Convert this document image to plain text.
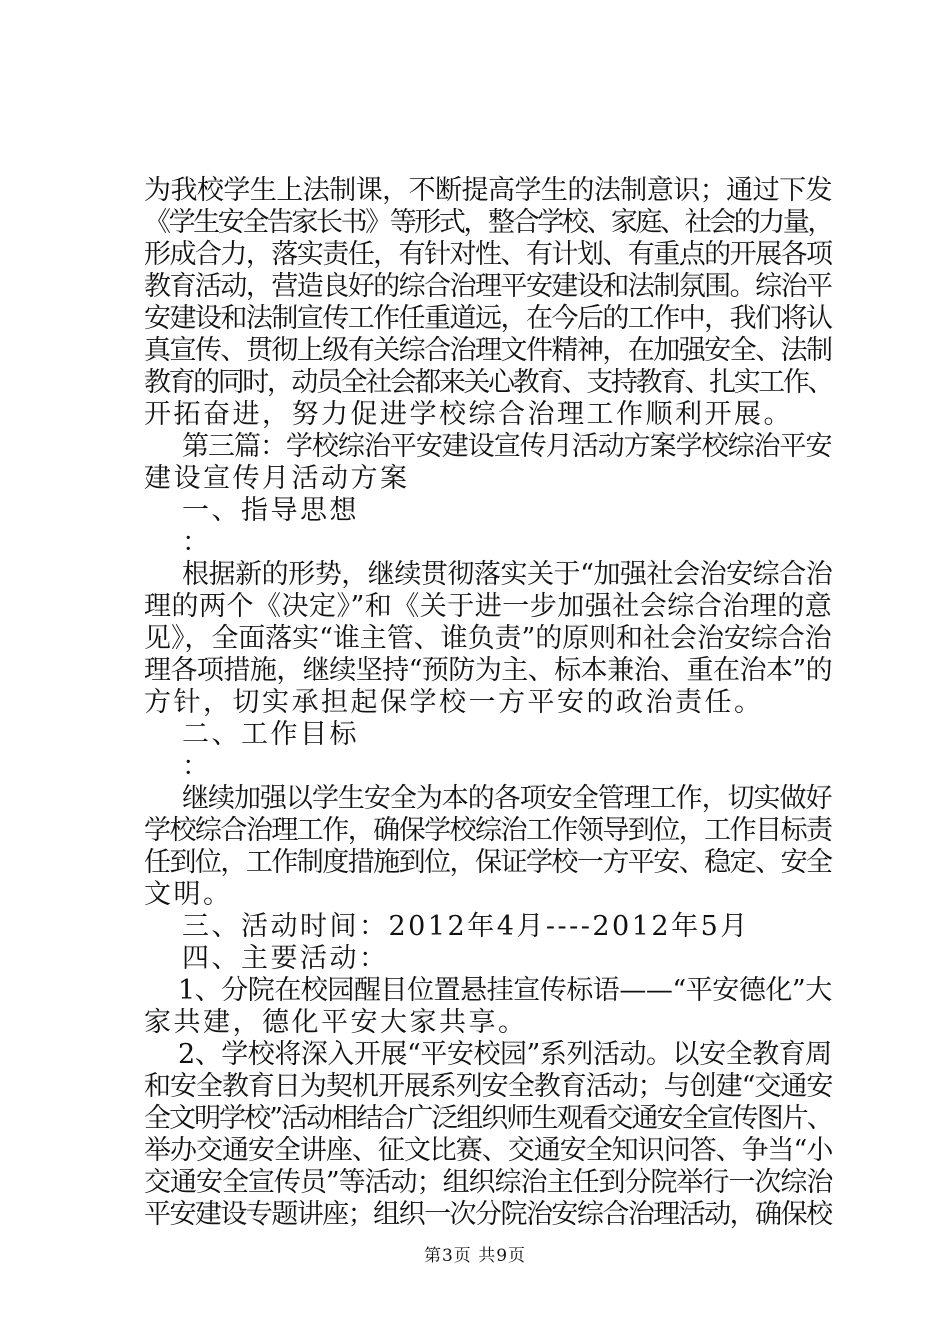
为我校学生上法制课，不断提高学生的法制意识；通过下发
《学生安全告家长书》等形式，整合学校、家庭、社会的力量，
形成合力，落实责任，有针对性、有计划、有重点的开展各项
教育活动，营造良好的综合治理平安建设和法制氛围。综治平
安建设和法制宣传工作任重道远，在今后的工作中，我们将认
真宣传、贯彻上级有关综合治理文件精神，在加强安全、法制
教育的同时，动员全社会都来关心教育、支持教育、扎实工作、
开拓奋进，努力促进学校综合治理工作顺利开展。
第三篇：学校综治平安建设宣传月活动方案学校综治平安
建设宣传月活动方案
一、指导思想
：
根据新的形势，继续贯彻落实关于“加强社会治安综合治
理的两个《决定》”和《关于进一步加强社会综合治理的意
见》，全面落实“谁主管、谁负责”的原则和社会治安综合治
理各项措施，继续坚持“预防为主、标本兼治、重在治本”的
方针，切实承担起保学校一方平安的政治责任。
二、工作目标
：
继续加强以学生安全为本的各项安全管理工作，切实做好
学校综合治理工作，确保学校综治工作领导到位，工作目标责
任到位，工作制度措施到位，保证学校一方平安、稳定、安全
文明。
三、活动时间：2012年4月----2012年5月
四、主要活动：
1、分院在校园醒目位置悬挂宣传标语——“平安德化”大
家共建，德化平安大家共享。
2、学校将深入开展“平安校园”系列活动。以安全教育周
和安全教育日为契机开展系列安全教育活动；与创建“交通安
全文明学校”活动相结合广泛组织师生观看交通安全宣传图片、
举办交通安全讲座、征文比赛、交通安全知识问答、争当“小
交通安全宣传员”等活动；组织综治主任到分院举行一次综治
平安建设专题讲座；组织一次分院治安综合治理活动，确保校
第3页 共9页
